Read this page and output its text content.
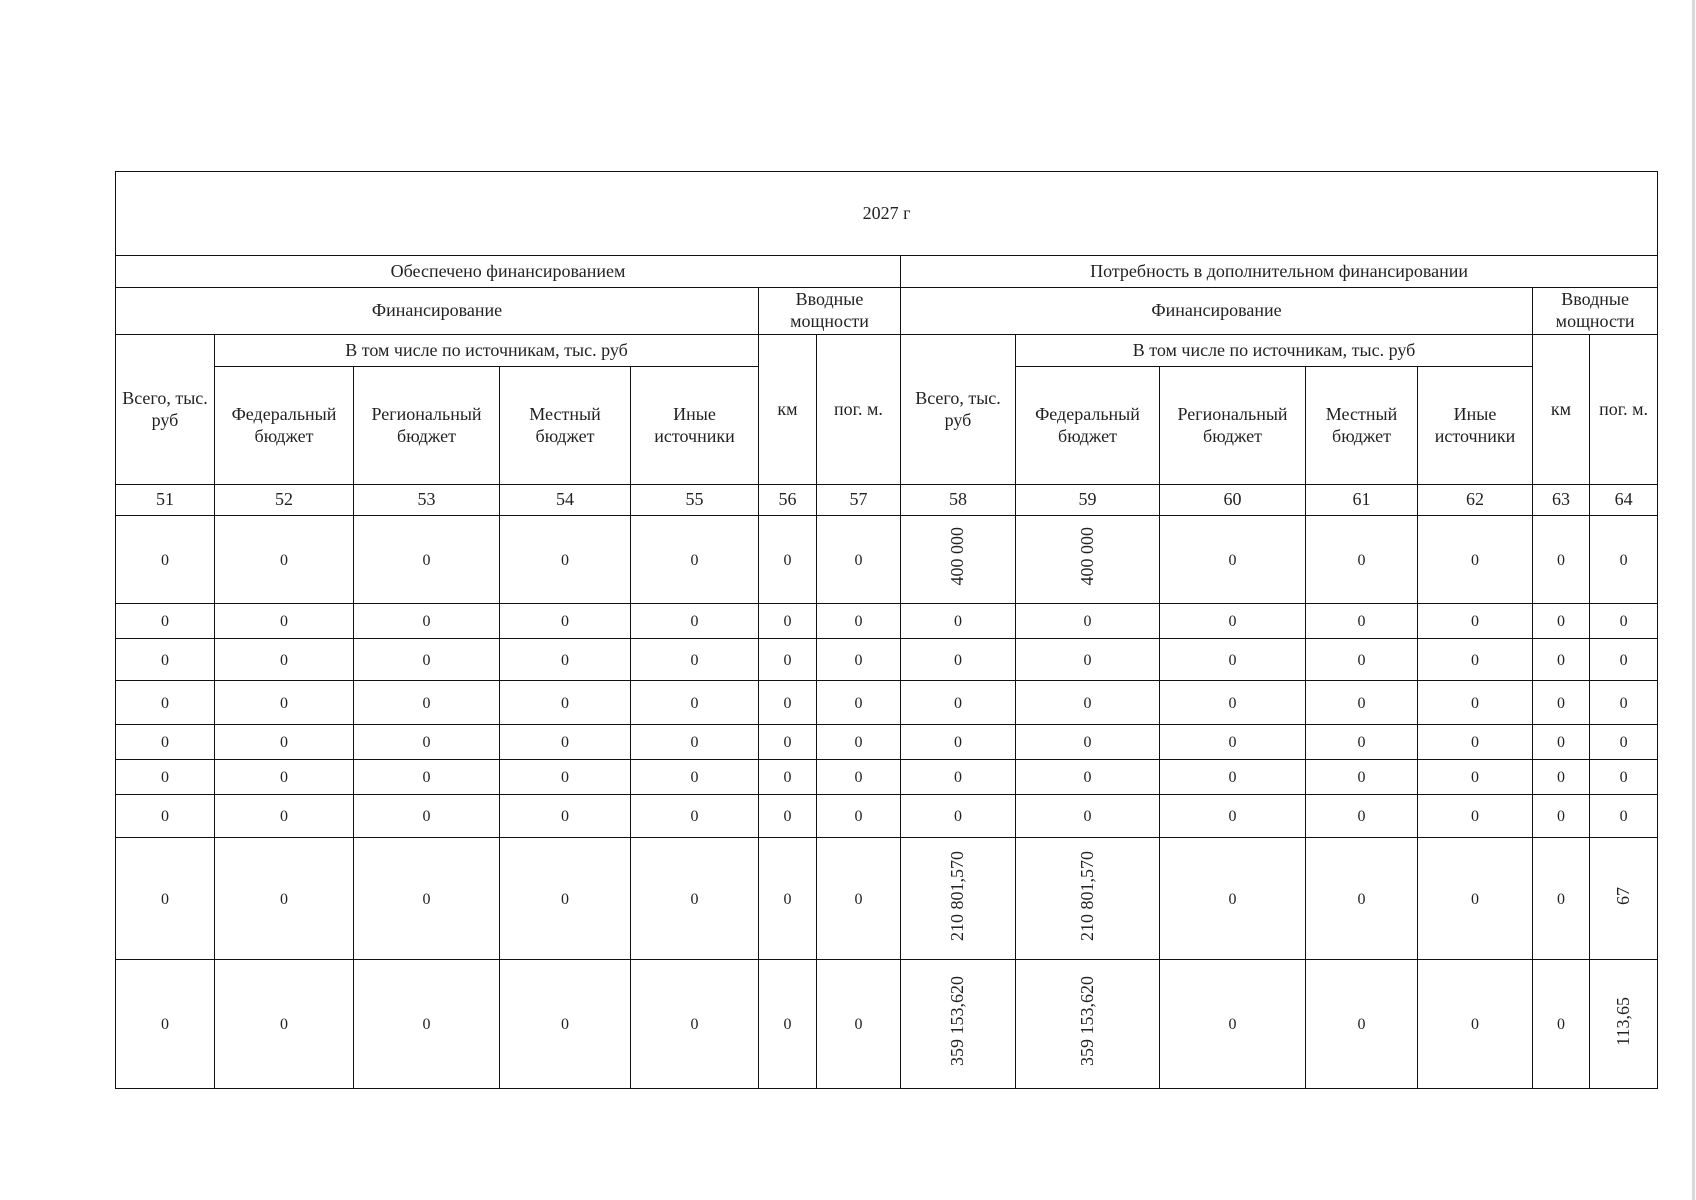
2027 г													
Обеспечено финансированием							Потребность в дополнительном финансировании						
Финансирование					Вводные мощности		Финансирование					Вводные мощности	
Всего, тыс. руб	В том числе по источникам, тыс. руб				км	пог. м.	Всего, тыс. руб	В том числе по источникам, тыс. руб				км	пог. м.
	Федеральный бюджет	Региональный бюджет	Местный бюджет	Иные источники				Федеральный бюджет	Региональный бюджет	Местный бюджет	Иные источники		
51	52	53	54	55	56	57	58	59	60	61	62	63	64
0	0	0	0	0	0	0	400 000	400 000	0	0	0	0	0
0	0	0	0	0	0	0	0	0	0	0	0	0	0
0	0	0	0	0	0	0	0	0	0	0	0	0	0
0	0	0	0	0	0	0	0	0	0	0	0	0	0
0	0	0	0	0	0	0	0	0	0	0	0	0	0
0	0	0	0	0	0	0	0	0	0	0	0	0	0
0	0	0	0	0	0	0	0	0	0	0	0	0	0
0	0	0	0	0	0	0	210 801,570	210 801,570	0	0	0	0	67
0	0	0	0	0	0	0	359 153,620	359 153,620	0	0	0	0	113,65
